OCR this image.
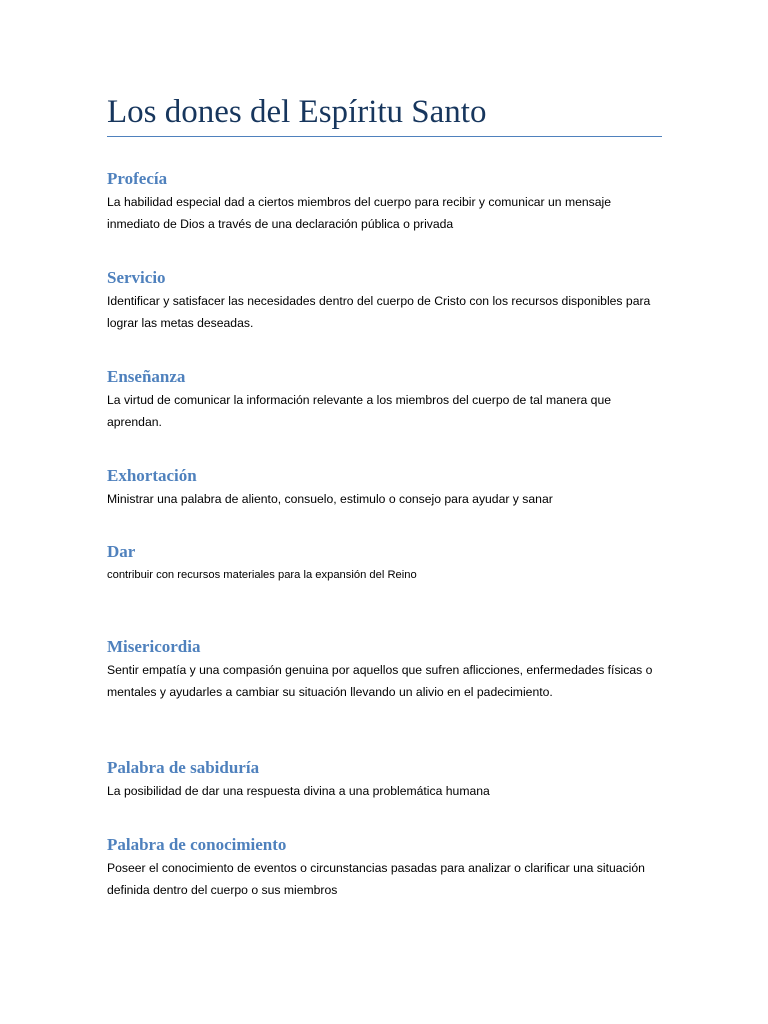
Los dones del Espíritu Santo
Profecía

La habilidad especial dad a ciertos miembros del cuerpo para recibir y comunicar un mensaje inmediato de Dios a través de una declaración pública o privada

Servicio

Identificar y satisfacer las necesidades dentro del cuerpo de Cristo con los recursos disponibles para lograr las metas deseadas.

Enseñanza

La virtud de comunicar la información relevante a los miembros del cuerpo de tal manera que aprendan.

Exhortación

Ministrar una palabra de aliento, consuelo, estimulo o consejo para ayudar y sanar

Dar

contribuir con recursos materiales para la expansión del Reino

Misericordia

Sentir empatía y una compasión genuina por aquellos que sufren aflicciones, enfermedades físicas o mentales y ayudarles a cambiar su situación llevando un alivio en el padecimiento.

Palabra de sabiduría

La posibilidad de dar una respuesta divina a una problemática humana

Palabra de conocimiento

Poseer el conocimiento de eventos o circunstancias pasadas para analizar o clarificar una situación definida dentro del cuerpo o sus miembros
